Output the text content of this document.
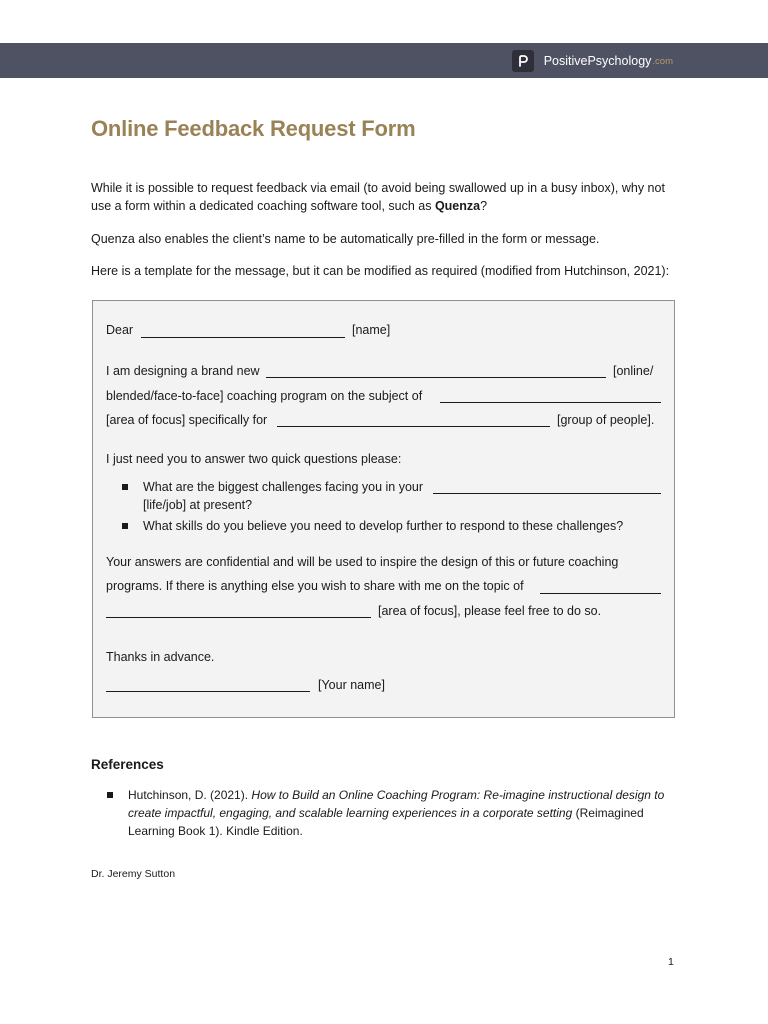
PositivePsychology .com
Online Feedback Request Form

While it is possible to request feedback via email (to avoid being swallowed up in a busy inbox), why not use a form within a dedicated coaching software tool, such as Quenza?

Quenza also enables the client’s name to be automatically pre-filled in the form or message.

Here is a template for the message, but it can be modified as required (modified from Hutchinson, 2021):

Dear	[name]
I am designing a brand new	[online/
blended/face-to-face] coaching program on the subject of
[area of focus] specifically for	[group of people].
I just need you to answer two quick questions please:
What are the biggest challenges facing you in your
[life/job] at present?
What skills do you believe you need to develop further to respond to these challenges?
Your answers are confidential and will be used to inspire the design of this or future coaching
programs. If there is anything else you wish to share with me on the topic of
[area of focus], please feel free to do so.
Thanks in advance.
[Your name]
References

Hutchinson, D. (2021). How to Build an Online Coaching Program: Re-imagine instructional design to create impactful, engaging, and scalable learning experiences in a corporate setting (Reimagined Learning Book 1). Kindle Edition.

Dr. Jeremy Sutton
1
